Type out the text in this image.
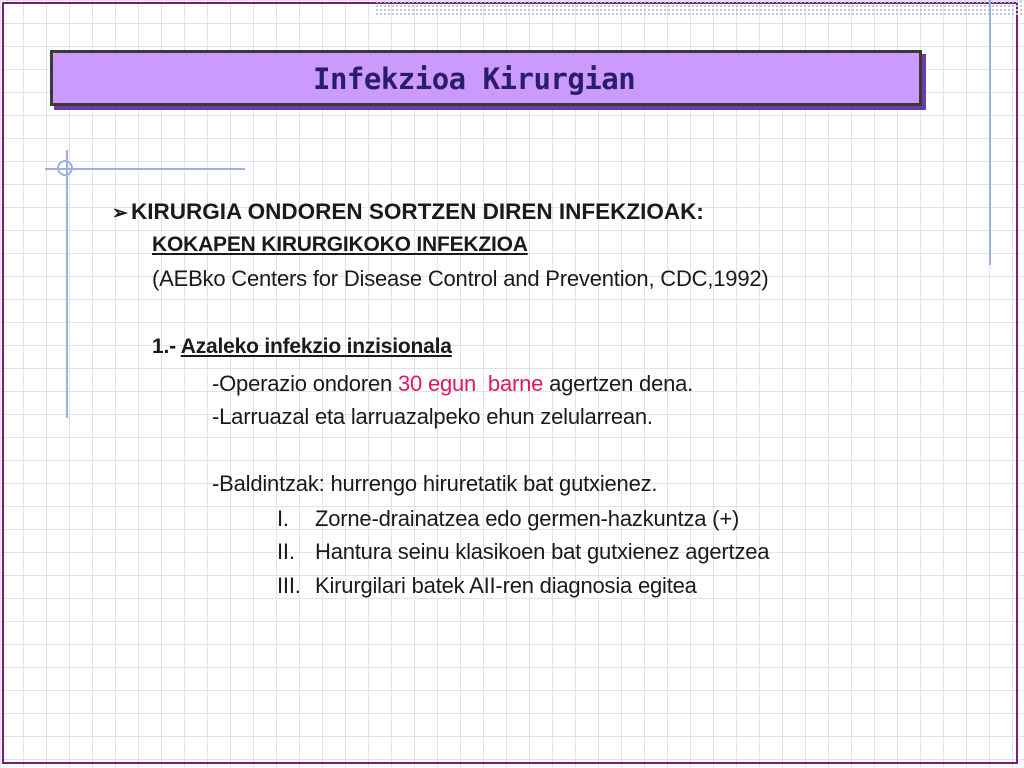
Infekzioa Kirurgian
➢ KIRURGIA ONDOREN SORTZEN DIREN INFEKZIOAK:
KOKAPEN KIRURGIKOKO INFEKZIOA
(AEBko Centers for Disease Control and Prevention, CDC,1992)
1.- Azaleko infekzio inzisionala
-Operazio ondoren 30 egun barne agertzen dena.
-Larruazal eta larruazalpeko ehun zelularrean.
-Baldintzak: hurrengo hiruretatik bat gutxienez.
I. Zorne-drainatzea edo germen-hazkuntza (+)
II. Hantura seinu klasikoen bat gutxienez agertzea
III. Kirurgilari batek AII-ren diagnosia egitea
